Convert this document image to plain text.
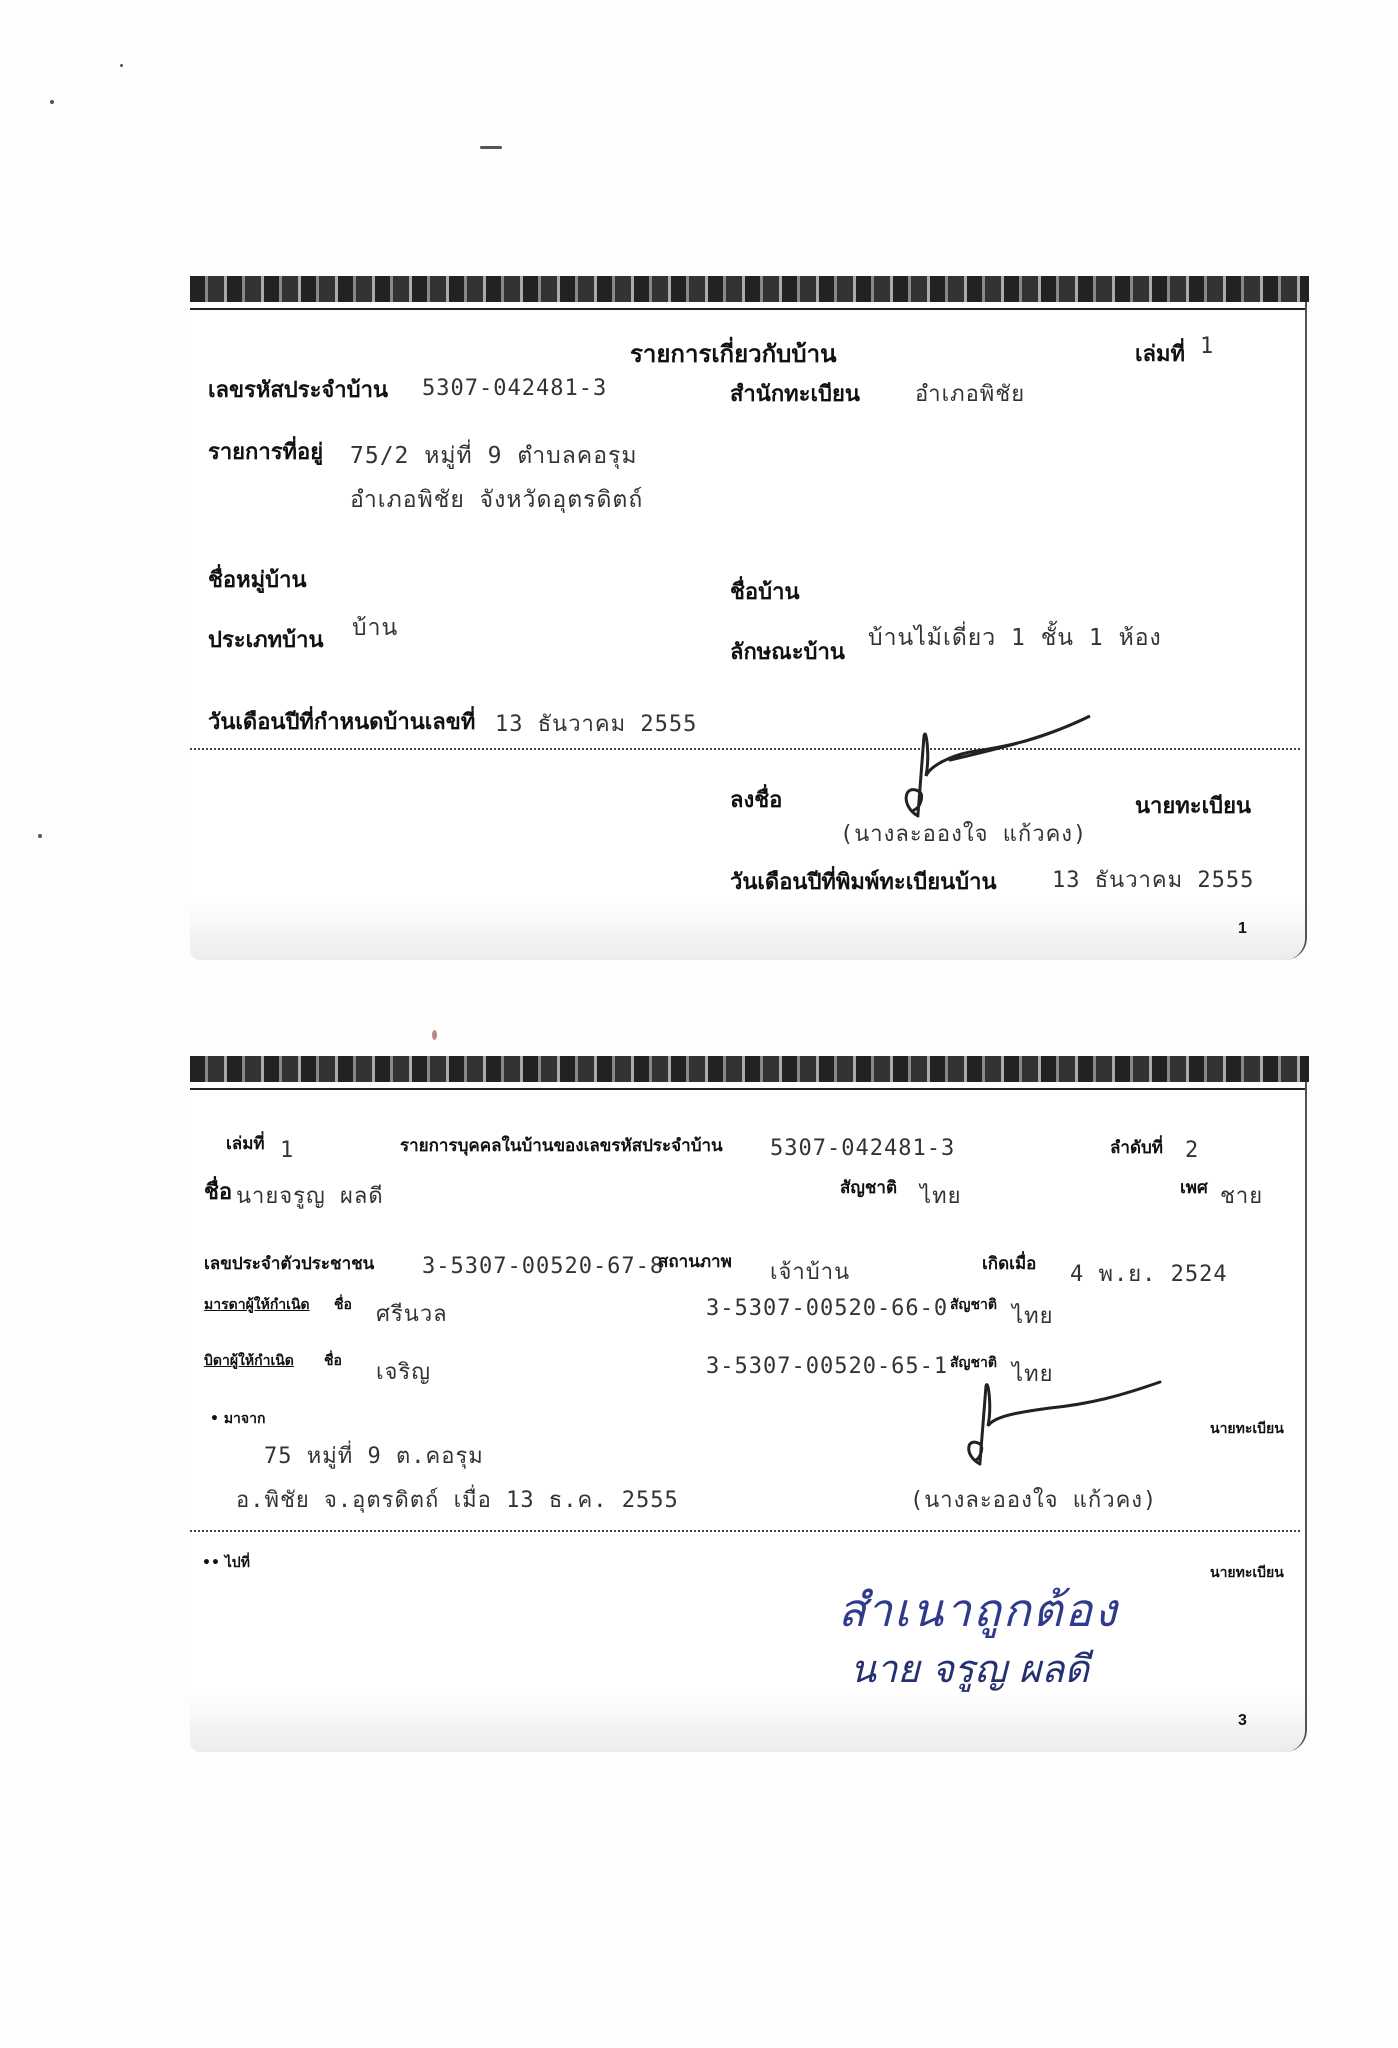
รายการเกี่ยวกับบ้าน	เล่มที่ 1
เลขรหัสประจำบ้าน 5307-042481-3	สำนักทะเบียน	อำเภอพิชัย
รายการที่อยู่ 75/2 หมู่ที่ 9 ตำบลคอรุม
อำเภอพิชัย จังหวัดอุตรดิตถ์
ชื่อหมู่บ้าน	ชื่อบ้าน
ประเภทบ้าน บ้าน
ลักษณะบ้าน
บ้านไม้เดี่ยว 1 ชั้น 1 ห้อง
วันเดือนปีที่กำหนดบ้านเลขที่ 13 ธันวาคม 2555
ลงชื่อ	นายทะเบียน
(นางละอองใจ แก้วคง)
วันเดือนปีที่พิมพ์ทะเบียนบ้าน	13 ธันวาคม 2555
1
เล่มที่ 1	รายการบุคคลในบ้านของเลขรหัสประจำบ้าน 5307-042481-3	ลำดับที่ 2
ชื่อ นายจรูญ ผลดี	สัญชาติ ไทย	เพศ ชาย
เลขประจำตัวประชาชน 3-5307-00520-67-8
สถานภาพ เจ้าบ้าน	เกิดเมื่อ 4 พ.ย. 2524
มารดาผู้ให้กำเนิด ชื่อ ศรีนวล	3-5307-00520-66-0 สัญชาติ ไทย
บิดาผู้ให้กำเนิด ชื่อ เจริญ	3-5307-00520-65-1 สัญชาติ ไทย
• มาจาก
75 หมู่ที่ 9 ต.คอรุม
อ.พิชัย จ.อุตรดิตถ์ เมื่อ 13 ธ.ค. 2555
นายทะเบียน
(นางละอองใจ แก้วคง)
•• ไปที่
นายทะเบียน
สำเนาถูกต้อง
นาย จรูญ ผลดี
3
